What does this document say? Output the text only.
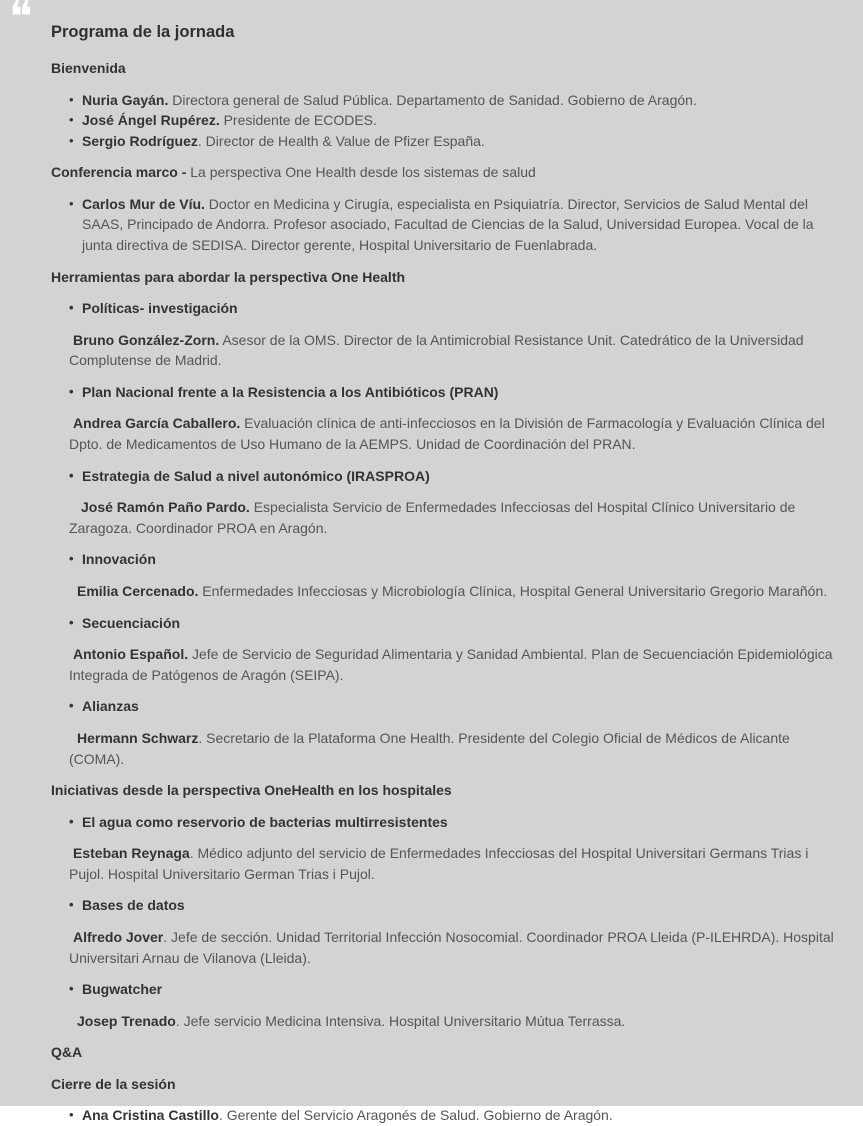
❝ Programa de la jornada

Bienvenida

• Nuria Gayán. Directora general de Salud Pública. Departamento de Sanidad. Gobierno de Aragón.
• José Ángel Rupérez. Presidente de ECODES.
• Sergio Rodríguez. Director de Health & Value de Pfizer España.

Conferencia marco - La perspectiva One Health desde los sistemas de salud

• Carlos Mur de Víu. Doctor en Medicina y Cirugía, especialista en Psiquiatría. Director, Servicios de Salud Mental del SAAS, Principado de Andorra. Profesor asociado, Facultad de Ciencias de la Salud, Universidad Europea. Vocal de la junta directiva de SEDISA. Director gerente, Hospital Universitario de Fuenlabrada.

Herramientas para abordar la perspectiva One Health

• Políticas- investigación

Bruno González-Zorn. Asesor de la OMS. Director de la Antimicrobial Resistance Unit. Catedrático de la Universidad Complutense de Madrid.

• Plan Nacional frente a la Resistencia a los Antibióticos (PRAN)

Andrea García Caballero. Evaluación clínica de anti-infecciosos en la División de Farmacología y Evaluación Clínica del Dpto. de Medicamentos de Uso Humano de la AEMPS. Unidad de Coordinación del PRAN.

• Estrategia de Salud a nivel autonómico (IRASPROA)

José Ramón Paño Pardo. Especialista Servicio de Enfermedades Infecciosas del Hospital Clínico Universitario de Zaragoza. Coordinador PROA en Aragón.

• Innovación

Emilia Cercenado. Enfermedades Infecciosas y Microbiología Clínica, Hospital General Universitario Gregorio Marañón.

• Secuenciación

Antonio Español. Jefe de Servicio de Seguridad Alimentaria y Sanidad Ambiental. Plan de Secuenciación Epidemiológica Integrada de Patógenos de Aragón (SEIPA).

• Alianzas

Hermann Schwarz. Secretario de la Plataforma One Health. Presidente del Colegio Oficial de Médicos de Alicante (COMA).

Iniciativas desde la perspectiva OneHealth en los hospitales

• El agua como reservorio de bacterias multirresistentes

Esteban Reynaga. Médico adjunto del servicio de Enfermedades Infecciosas del Hospital Universitari Germans Trias i Pujol. Hospital Universitario German Trias i Pujol.

• Bases de datos

Alfredo Jover. Jefe de sección. Unidad Territorial Infección Nosocomial. Coordinador PROA Lleida (P-ILEHRDA). Hospital Universitari Arnau de Vilanova (Lleida).

• Bugwatcher

Josep Trenado. Jefe servicio Medicina Intensiva. Hospital Universitario Mútua Terrassa.

Q&A

Cierre de la sesión

• Ana Cristina Castillo. Gerente del Servicio Aragonés de Salud. Gobierno de Aragón.
